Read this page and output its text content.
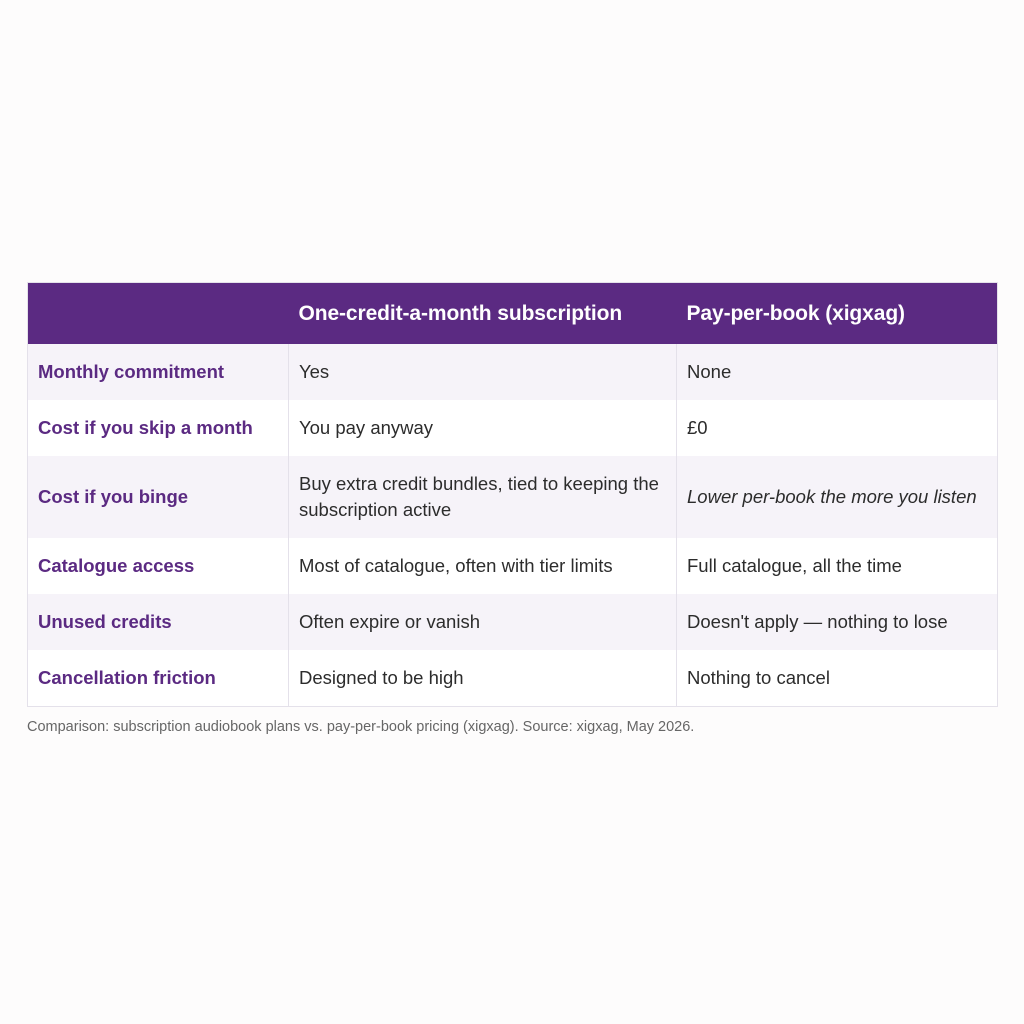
	One-credit-a-month subscription	Pay-per-book (xigxag)
Monthly commitment	Yes	None
Cost if you skip a month	You pay anyway	£0
Cost if you binge	Buy extra credit bundles, tied to keeping the subscription active	Lower per-book the more you listen
Catalogue access	Most of catalogue, often with tier limits	Full catalogue, all the time
Unused credits	Often expire or vanish	Doesn't apply — nothing to lose
Cancellation friction	Designed to be high	Nothing to cancel
Comparison: subscription audiobook plans vs. pay-per-book pricing (xigxag). Source: xigxag, May 2026.
